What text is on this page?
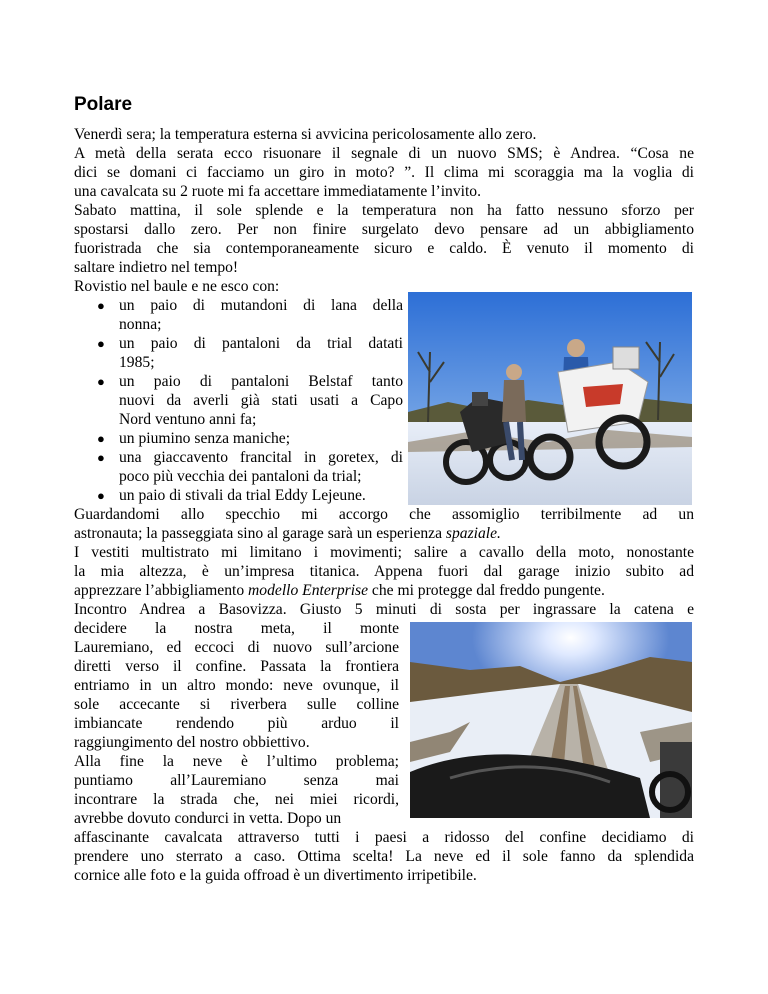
Polare
Venerdì sera; la temperatura esterna si avvicina pericolosamente allo zero.
A metà della serata ecco risuonare il segnale di un nuovo SMS; è Andrea. “Cosa ne
dici se domani ci facciamo un giro in moto? ”. Il clima mi scoraggia ma la voglia di
una cavalcata su 2 ruote mi fa accettare immediatamente l’invito.
Sabato mattina, il sole splende e la temperatura non ha fatto nessuno sforzo per
spostarsi dallo zero. Per non finire surgelato devo pensare ad un abbigliamento
fuoristrada che sia contemporaneamente sicuro e caldo. È venuto il momento di
saltare indietro nel tempo!
Rovistio nel baule e ne esco con:
● un paio di mutandoni di lana della
nonna;
● un paio di pantaloni da trial datati
1985;
● un paio di pantaloni Belstaf tanto
nuovi da averli già stati usati a Capo
Nord ventuno anni fa;
● un piumino senza maniche;
● una giaccavento francital in goretex, di
poco più vecchia dei pantaloni da trial;
● un paio di stivali da trial Eddy Lejeune.
Guardandomi allo specchio mi accorgo che assomiglio terribilmente ad un
astronauta; la passeggiata sino al garage sarà un esperienza spaziale.
I vestiti multistrato mi limitano i movimenti; salire a cavallo della moto, nonostante
la mia altezza, è un’impresa titanica. Appena fuori dal garage inizio subito ad
apprezzare l’abbigliamento modello Enterprise che mi protegge dal freddo pungente.
Incontro Andrea a Basovizza. Giusto 5 minuti di sosta per ingrassare la catena e
decidere la nostra meta, il monte
Lauremiano, ed eccoci di nuovo sull’arcione
diretti verso il confine. Passata la frontiera
entriamo in un altro mondo: neve ovunque, il
sole accecante si riverbera sulle colline
imbiancate rendendo più arduo il
raggiungimento del nostro obbiettivo.
Alla fine la neve è l’ultimo problema;
puntiamo all’Lauremiano senza mai
incontrare la strada che, nei miei ricordi,
avrebbe dovuto condurci in vetta. Dopo un
affascinante cavalcata attraverso tutti i paesi a ridosso del confine decidiamo di
prendere uno sterrato a caso. Ottima scelta! La neve ed il sole fanno da splendida
cornice alle foto e la guida offroad è un divertimento irripetibile.
